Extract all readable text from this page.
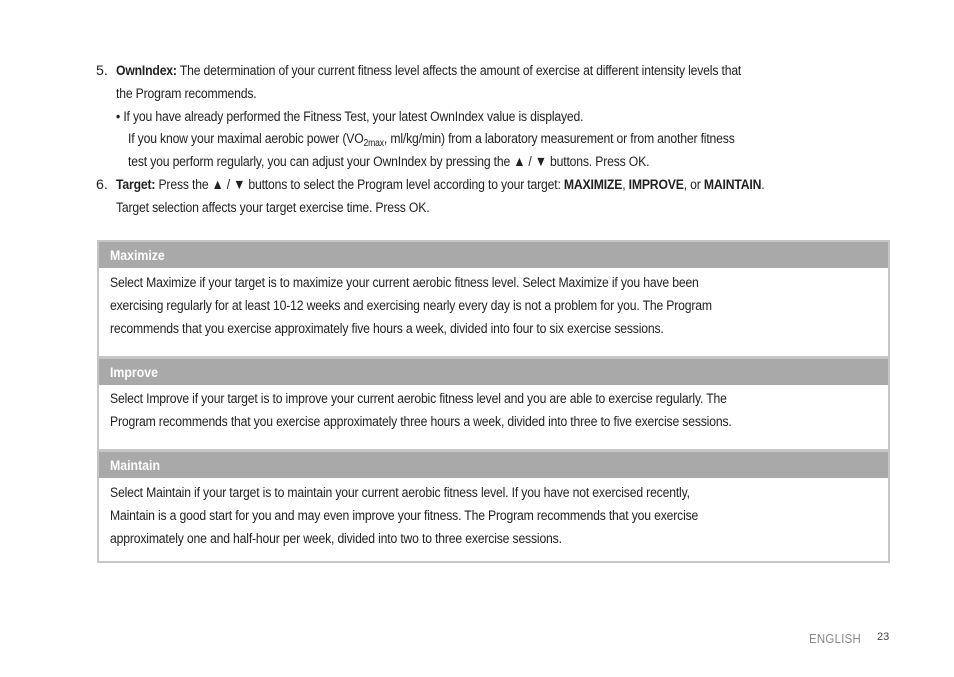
5. OwnIndex: The determination of your current fitness level affects the amount of exercise at different intensity levels that
the Program recommends.
• If you have already performed the Fitness Test, your latest OwnIndex value is displayed.
If you know your maximal aerobic power ($VO_{2max}$, ml/kg/min) from a laboratory measurement or from another fitness
test you perform regularly, you can adjust your OwnIndex by pressing the ▲ / ▼ buttons. Press OK.
6. Target: Press the ▲ / ▼ buttons to select the Program level according to your target: MAXIMIZE, IMPROVE, or MAINTAIN.
Target selection affects your target exercise time. Press OK.
Maximize
Select Maximize if your target is to maximize your current aerobic fitness level. Select Maximize if you have been
exercising regularly for at least 10-12 weeks and exercising nearly every day is not a problem for you. The Program
recommends that you exercise approximately five hours a week, divided into four to six exercise sessions.
Improve
Select Improve if your target is to improve your current aerobic fitness level and you are able to exercise regularly. The
Program recommends that you exercise approximately three hours a week, divided into three to five exercise sessions.
Maintain
Select Maintain if your target is to maintain your current aerobic fitness level. If you have not exercised recently,
Maintain is a good start for you and may even improve your fitness. The Program recommends that you exercise
approximately one and half-hour per week, divided into two to three exercise sessions.
ENGLISH 23
